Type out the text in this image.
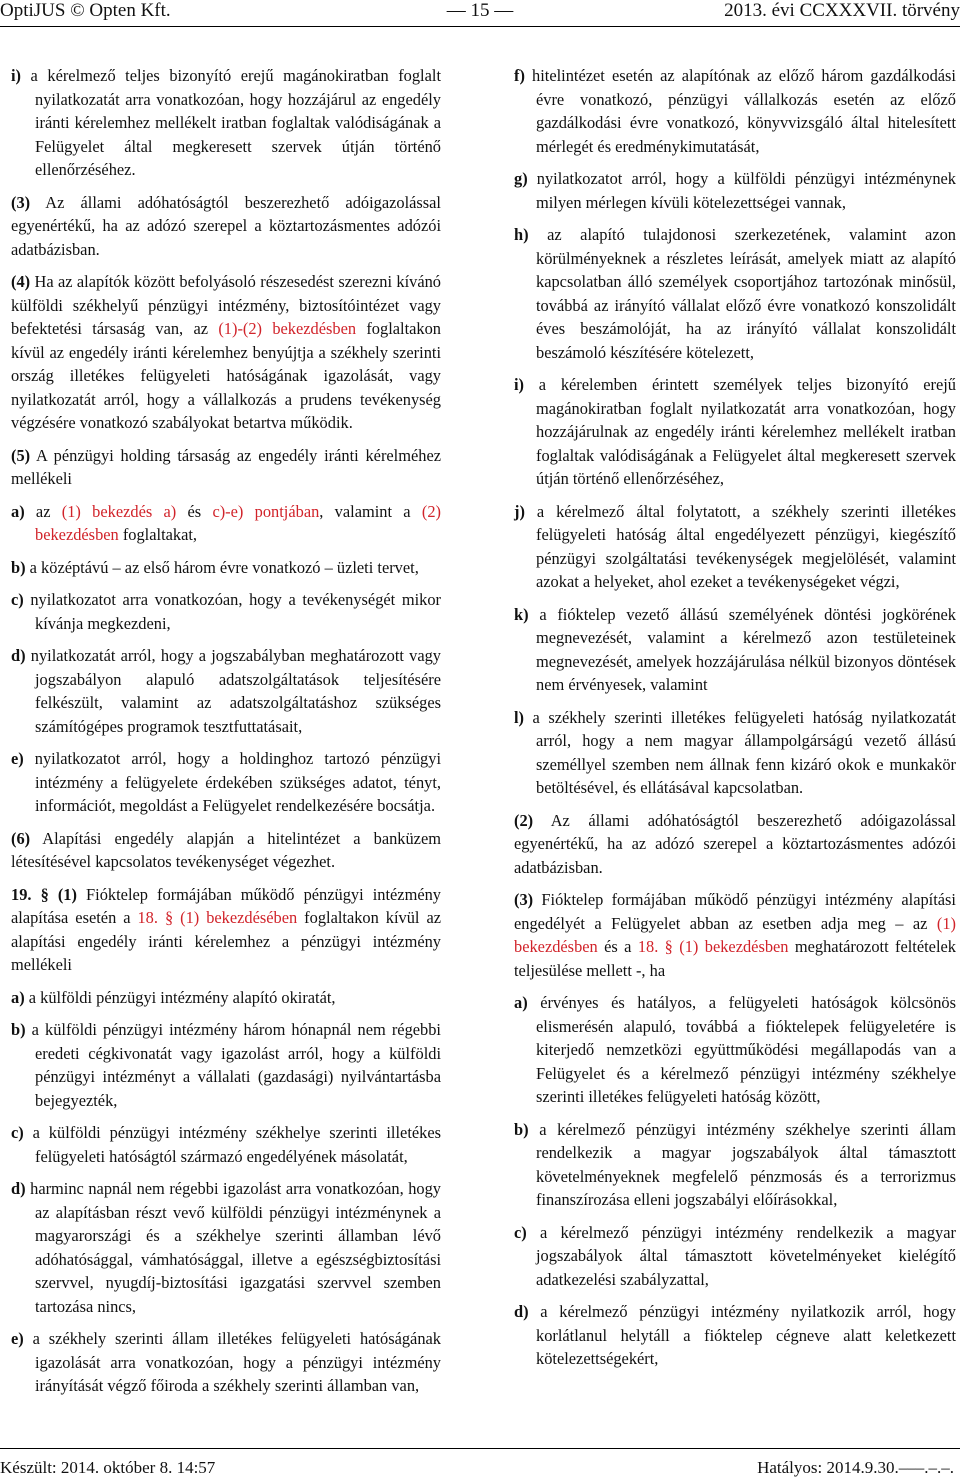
OptiJUS © Opten Kft.	— 15 —	2013. évi CCXXXVII. törvény
i) a kérelmező teljes bizonyító erejű magánokiratban foglalt nyilatkozatát arra vonatkozóan, hogy hozzájárul az engedély iránti kérelemhez mellékelt iratban foglaltak valódiságának a Felügyelet által megkeresett szervek útján történő ellenőrzéséhez.
(3) Az állami adóhatóságtól beszerezhető adóigazolással egyenértékű, ha az adózó szerepel a köztartozásmentes adózói adatbázisban.
(4) Ha az alapítók között befolyásoló részesedést szerezni kívánó külföldi székhelyű pénzügyi intézmény, biztosítóintézet vagy befektetési társaság van, az (1)-(2) bekezdésben foglaltakon kívül az engedély iránti kérelemhez benyújtja a székhely szerinti ország illetékes felügyeleti hatóságának igazolását, vagy nyilatkozatát arról, hogy a vállalkozás a prudens tevékenység végzésére vonatkozó szabályokat betartva működik.
(5) A pénzügyi holding társaság az engedély iránti kérelméhez mellékeli
a) az (1) bekezdés a) és c)-e) pontjában, valamint a (2) bekezdésben foglaltakat,
b) a középtávú – az első három évre vonatkozó – üzleti tervet,
c) nyilatkozatot arra vonatkozóan, hogy a tevékenységét mikor kívánja megkezdeni,
d) nyilatkozatát arról, hogy a jogszabályban meghatározott vagy jogszabályon alapuló adatszolgáltatások teljesítésére felkészült, valamint az adatszolgáltatáshoz szükséges számítógépes programok tesztfuttatásait,
e) nyilatkozatot arról, hogy a holdinghoz tartozó pénzügyi intézmény a felügyelete érdekében szükséges adatot, tényt, információt, megoldást a Felügyelet rendelkezésére bocsátja.
(6) Alapítási engedély alapján a hitelintézet a banküzem létesítésével kapcsolatos tevékenységet végezhet.
19. § (1) Fióktelep formájában működő pénzügyi intézmény alapítása esetén a 18. § (1) bekezdésében foglaltakon kívül az alapítási engedély iránti kérelemhez a pénzügyi intézmény mellékeli
a) a külföldi pénzügyi intézmény alapító okiratát,
b) a külföldi pénzügyi intézmény három hónapnál nem régebbi eredeti cégkivonatát vagy igazolást arról, hogy a külföldi pénzügyi intézményt a vállalati (gazdasági) nyilvántartásba bejegyezték,
c) a külföldi pénzügyi intézmény székhelye szerinti illetékes felügyeleti hatóságtól származó engedélyének másolatát,
d) harminc napnál nem régebbi igazolást arra vonatkozóan, hogy az alapításban részt vevő külföldi pénzügyi intézménynek a magyarországi és a székhelye szerinti államban lévő adóhatósággal, vámhatósággal, illetve a egészségbiztosítási szervvel, nyugdíj-biztosítási igazgatási szervvel szemben tartozása nincs,
e) a székhely szerinti állam illetékes felügyeleti hatóságának igazolását arra vonatkozóan, hogy a pénzügyi intézmény irányítását végző főiroda a székhely szerinti államban van,
f) hitelintézet esetén az alapítónak az előző három gazdálkodási évre vonatkozó, pénzügyi vállalkozás esetén az előző gazdálkodási évre vonatkozó, könyvvizsgáló által hitelesített mérlegét és eredménykimutatását,
g) nyilatkozatot arról, hogy a külföldi pénzügyi intézménynek milyen mérlegen kívüli kötelezettségei vannak,
h) az alapító tulajdonosi szerkezetének, valamint azon körülményeknek a részletes leírását, amelyek miatt az alapító kapcsolatban álló személyek csoportjához tartozónak minősül, továbbá az irányító vállalat előző évre vonatkozó konszolidált éves beszámolóját, ha az irányító vállalat konszolidált beszámoló készítésére kötelezett,
i) a kérelemben érintett személyek teljes bizonyító erejű magánokiratban foglalt nyilatkozatát arra vonatkozóan, hogy hozzájárulnak az engedély iránti kérelemhez mellékelt iratban foglaltak valódiságának a Felügyelet által megkeresett szervek útján történő ellenőrzéséhez,
j) a kérelmező által folytatott, a székhely szerinti illetékes felügyeleti hatóság által engedélyezett pénzügyi, kiegészítő pénzügyi szolgáltatási tevékenységek megjelölését, valamint azokat a helyeket, ahol ezeket a tevékenységeket végzi,
k) a fióktelep vezető állású személyének döntési jogkörének megnevezését, valamint a kérelmező azon testületeinek megnevezését, amelyek hozzájárulása nélkül bizonyos döntések nem érvényesek, valamint
l) a székhely szerinti illetékes felügyeleti hatóság nyilatkozatát arról, hogy a nem magyar állampolgárságú vezető állású személlyel szemben nem állnak fenn kizáró okok e munkakör betöltésével, és ellátásával kapcsolatban.
(2) Az állami adóhatóságtól beszerezhető adóigazolással egyenértékű, ha az adózó szerepel a köztartozásmentes adózói adatbázisban.
(3) Fióktelep formájában működő pénzügyi intézmény alapítási engedélyét a Felügyelet abban az esetben adja meg – az (1) bekezdésben és a 18. § (1) bekezdésben meghatározott feltételek teljesülése mellett -, ha
a) érvényes és hatályos, a felügyeleti hatóságok kölcsönös elismerésén alapuló, továbbá a fióktelepek felügyeletére is kiterjedő nemzetközi együttműködési megállapodás van a Felügyelet és a kérelmező pénzügyi intézmény székhelye szerinti illetékes felügyeleti hatóság között,
b) a kérelmező pénzügyi intézmény székhelye szerinti állam rendelkezik a magyar jogszabályok által támasztott követelményeknek megfelelő pénzmosás és a terrorizmus finanszírozása elleni jogszabályi előírásokkal,
c) a kérelmező pénzügyi intézmény rendelkezik a magyar jogszabályok által támasztott követelményeket kielégítő adatkezelési szabályzattal,
d) a kérelmező pénzügyi intézmény nyilatkozik arról, hogy korlátlanul helytáll a fióktelep cégneve alatt keletkezett kötelezettségekért,
Készült: 2014. október 8. 14:57	Hatályos: 2014.9.30.–––.–.–.
